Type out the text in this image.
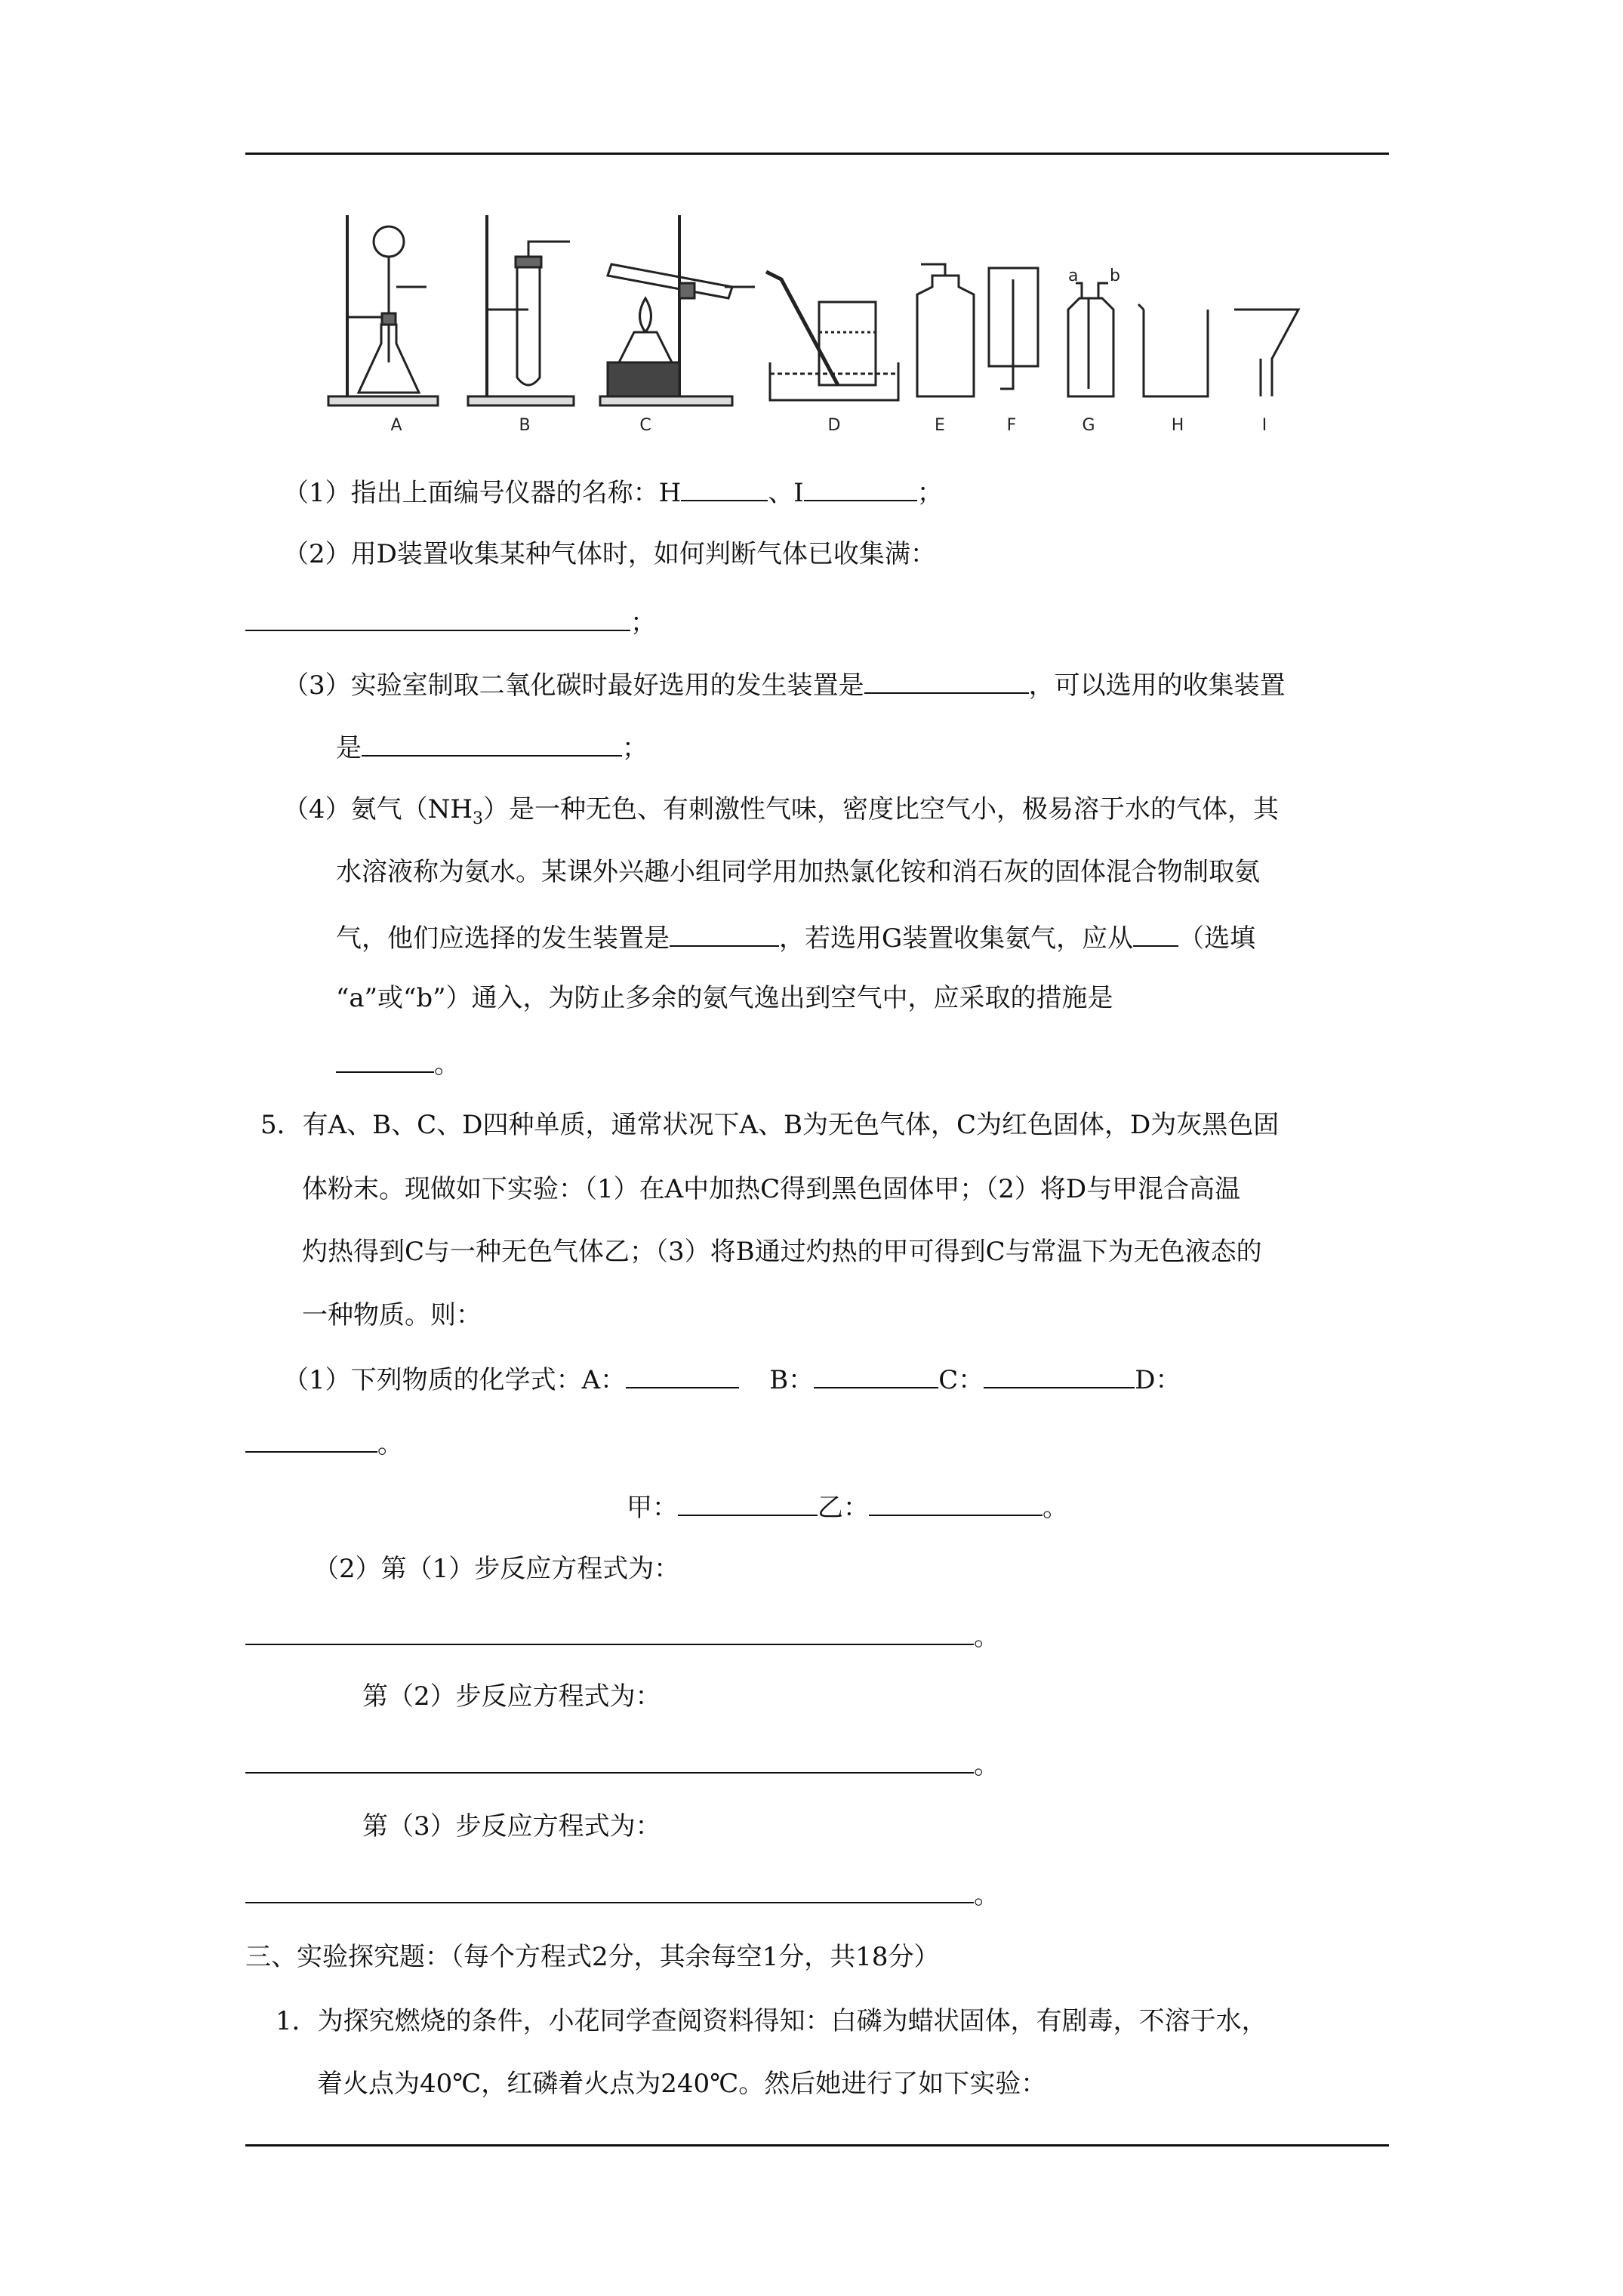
A	B	C	D	E	F	G	H	I
a b
（1）指出上面编号仪器的名称：H	、I	；
（2）用D装置收集某种气体时，如何判断气体已收集满：
；
（3）实验室制取二氧化碳时最好选用的发生装置是	，可以选用的收集装置
是	；
（4）氨气$(NH_3)$是一种无色、有刺激性气味，密度比空气小，极易溶于水的气体，其
水溶液称为氨水。某课外兴趣小组同学用加热氯化铵和消石灰的固体混合物制取氨
气，他们应选择的发生装置是	，若选用G装置收集氨气，应从 （选填
“a”或“b”）通入，为防止多余的氨气逸出到空气中，应采取的措施是
。
5．有A、B、C、D四种单质，通常状况下A、B为无色气体，C为红色固体，D为灰黑色固
体粉末。现做如下实验：（1）在A中加热C得到黑色固体甲；（2）将D与甲混合高温
灼热得到C与一种无色气体乙；（3）将B通过灼热的甲可得到C与常温下为无色液态的
一种物质。则：
（1）下列物质的化学式：A：	B：	C：	D：
。
甲：	乙：	。
（2）第（1）步反应方程式为：
。
第（2）步反应方程式为：
。
第（3）步反应方程式为：
。
三、实验探究题：（每个方程式2分，其余每空1分，共18分）
1．为探究燃烧的条件，小花同学查阅资料得知：白磷为蜡状固体，有剧毒，不溶于水，
着火点为40℃，红磷着火点为240℃。然后她进行了如下实验：
